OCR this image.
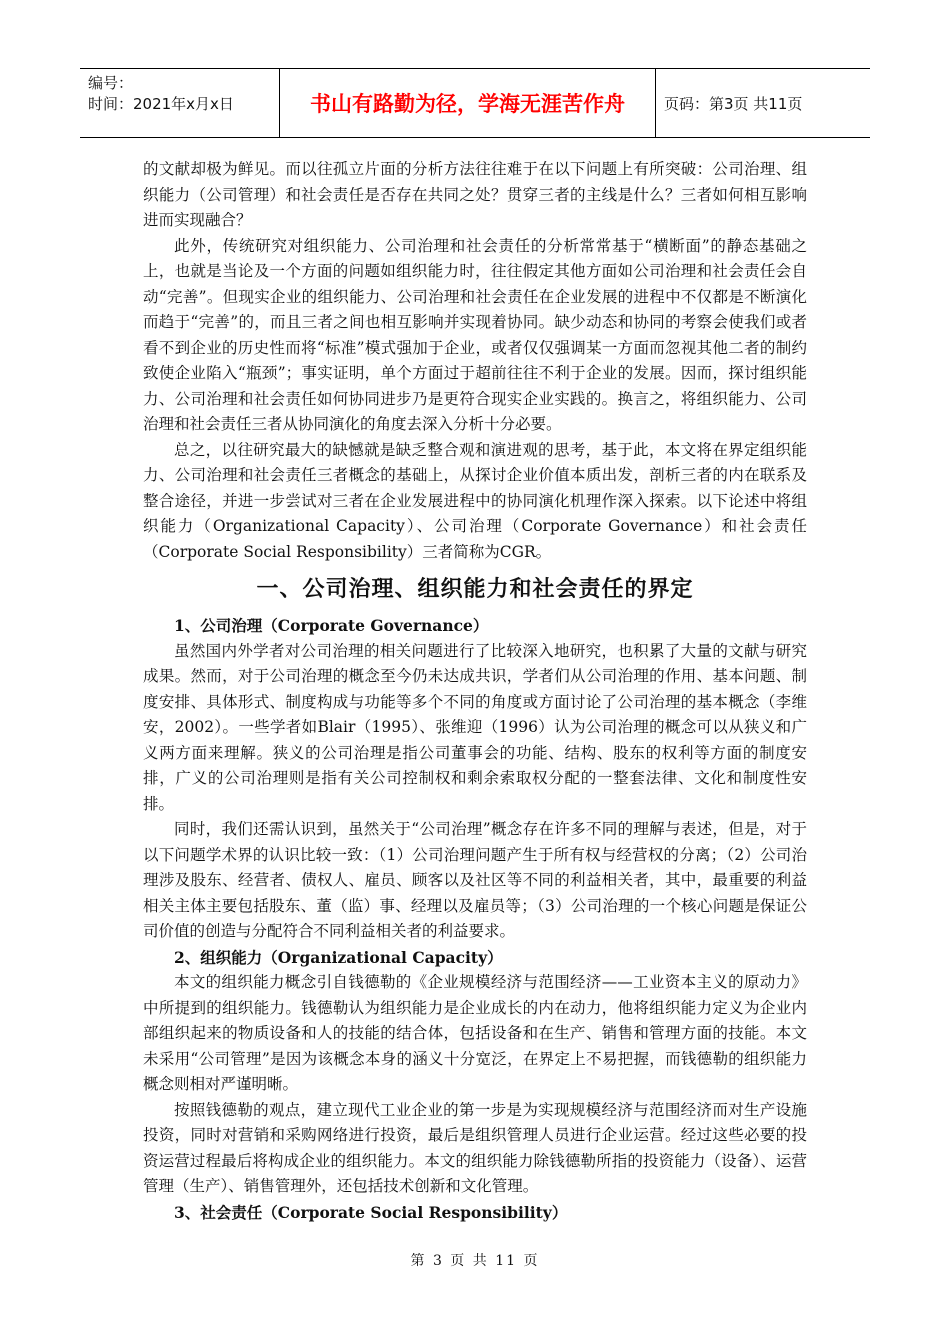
编号：
时间：2021年x月x日	书山有路勤为径，学海无涯苦作舟	页码：第3页 共11页

的文献却极为鲜见。而以往孤立片面的分析方法往往难于在以下问题上有所突破：公司治理、组织能力（公司管理）和社会责任是否存在共同之处？贯穿三者的主线是什么？三者如何相互影响进而实现融合？

此外，传统研究对组织能力、公司治理和社会责任的分析常常基于“横断面”的静态基础之上，也就是当论及一个方面的问题如组织能力时，往往假定其他方面如公司治理和社会责任会自动“完善”。但现实企业的组织能力、公司治理和社会责任在企业发展的进程中不仅都是不断演化而趋于“完善”的，而且三者之间也相互影响并实现着协同。缺少动态和协同的考察会使我们或者看不到企业的历史性而将“标准”模式强加于企业，或者仅仅强调某一方面而忽视其他二者的制约致使企业陷入“瓶颈”；事实证明，单个方面过于超前往往不利于企业的发展。因而，探讨组织能力、公司治理和社会责任如何协同进步乃是更符合现实企业实践的。换言之，将组织能力、公司治理和社会责任三者从协同演化的角度去深入分析十分必要。

总之，以往研究最大的缺憾就是缺乏整合观和演进观的思考，基于此，本文将在界定组织能力、公司治理和社会责任三者概念的基础上，从探讨企业价值本质出发，剖析三者的内在联系及整合途径，并进一步尝试对三者在企业发展进程中的协同演化机理作深入探索。以下论述中将组织能力（Organizational Capacity）、公司治理（Corporate Governance）和社会责任（Corporate Social Responsibility）三者简称为CGR。

一、公司治理、组织能力和社会责任的界定
1、公司治理（Corporate Governance）

虽然国内外学者对公司治理的相关问题进行了比较深入地研究，也积累了大量的文献与研究成果。然而，对于公司治理的概念至今仍未达成共识，学者们从公司治理的作用、基本问题、制度安排、具体形式、制度构成与功能等多个不同的角度或方面讨论了公司治理的基本概念（李维安，2002）。一些学者如Blair（1995）、张维迎（1996）认为公司治理的概念可以从狭义和广义两方面来理解。狭义的公司治理是指公司董事会的功能、结构、股东的权利等方面的制度安排，广义的公司治理则是指有关公司控制权和剩余索取权分配的一整套法律、文化和制度性安排。

同时，我们还需认识到，虽然关于“公司治理”概念存在许多不同的理解与表述，但是，对于以下问题学术界的认识比较一致：（1）公司治理问题产生于所有权与经营权的分离；（2）公司治理涉及股东、经营者、债权人、雇员、顾客以及社区等不同的利益相关者，其中，最重要的利益相关主体主要包括股东、董（监）事、经理以及雇员等；（3）公司治理的一个核心问题是保证公司价值的创造与分配符合不同利益相关者的利益要求。

2、组织能力（Organizational Capacity）

本文的组织能力概念引自钱德勒的《企业规模经济与范围经济——工业资本主义的原动力》中所提到的组织能力。钱德勒认为组织能力是企业成长的内在动力，他将组织能力定义为企业内部组织起来的物质设备和人的技能的结合体，包括设备和在生产、销售和管理方面的技能。本文未采用“公司管理”是因为该概念本身的涵义十分宽泛，在界定上不易把握，而钱德勒的组织能力概念则相对严谨明晰。

按照钱德勒的观点，建立现代工业企业的第一步是为实现规模经济与范围经济而对生产设施投资，同时对营销和采购网络进行投资，最后是组织管理人员进行企业运营。经过这些必要的投资运营过程最后将构成企业的组织能力。本文的组织能力除钱德勒所指的投资能力（设备）、运营管理（生产）、销售管理外，还包括技术创新和文化管理。

3、社会责任（Corporate Social Responsibility）
第 3 页 共 11 页
